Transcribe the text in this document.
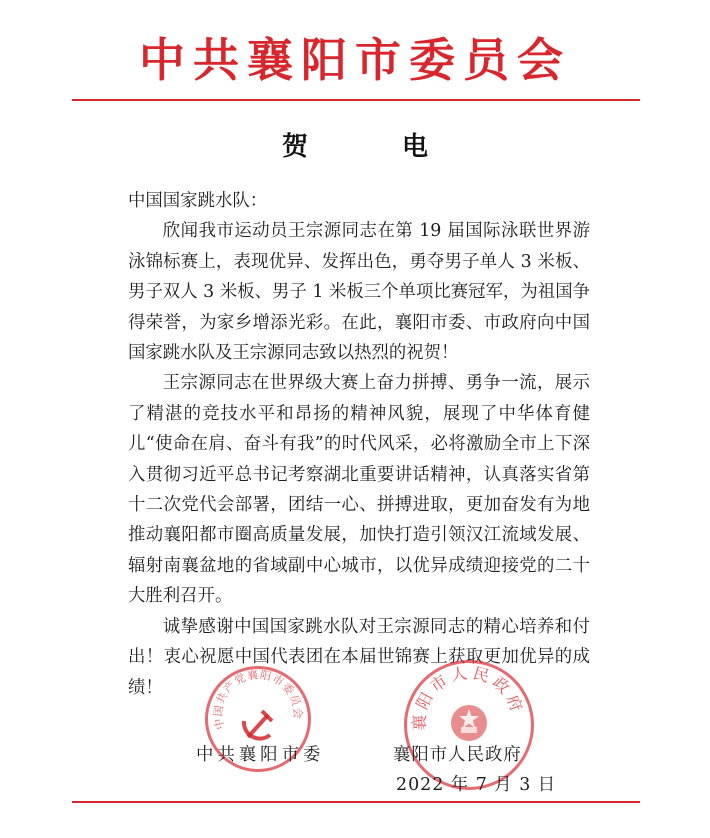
中共襄阳市委员会
贺　电

中国国家跳水队：

欣闻我市运动员王宗源同志在第 19 届国际泳联世界游泳锦标赛上，表现优异、发挥出色，勇夺男子单人 3 米板、男子双人 3 米板、男子 1 米板三个单项比赛冠军，为祖国争得荣誉，为家乡增添光彩。在此，襄阳市委、市政府向中国国家跳水队及王宗源同志致以热烈的祝贺！

王宗源同志在世界级大赛上奋力拼搏、勇争一流，展示了精湛的竞技水平和昂扬的精神风貌，展现了中华体育健儿“使命在肩、奋斗有我”的时代风采，必将激励全市上下深入贯彻习近平总书记考察湖北重要讲话精神，认真落实省第十二次党代会部署，团结一心、拼搏进取，更加奋发有为地推动襄阳都市圈高质量发展，加快打造引领汉江流域发展、辐射南襄盆地的省域副中心城市，以优异成绩迎接党的二十大胜利召开。

诚挚感谢中国国家跳水队对王宗源同志的精心培养和付出！衷心祝愿中国代表团在本届世锦赛上获取更加优异的成绩！

中国共产党襄阳市委员会	襄阳市人民政府
中共襄阳市委	襄阳市人民政府
2022 年 7 月 3 日
